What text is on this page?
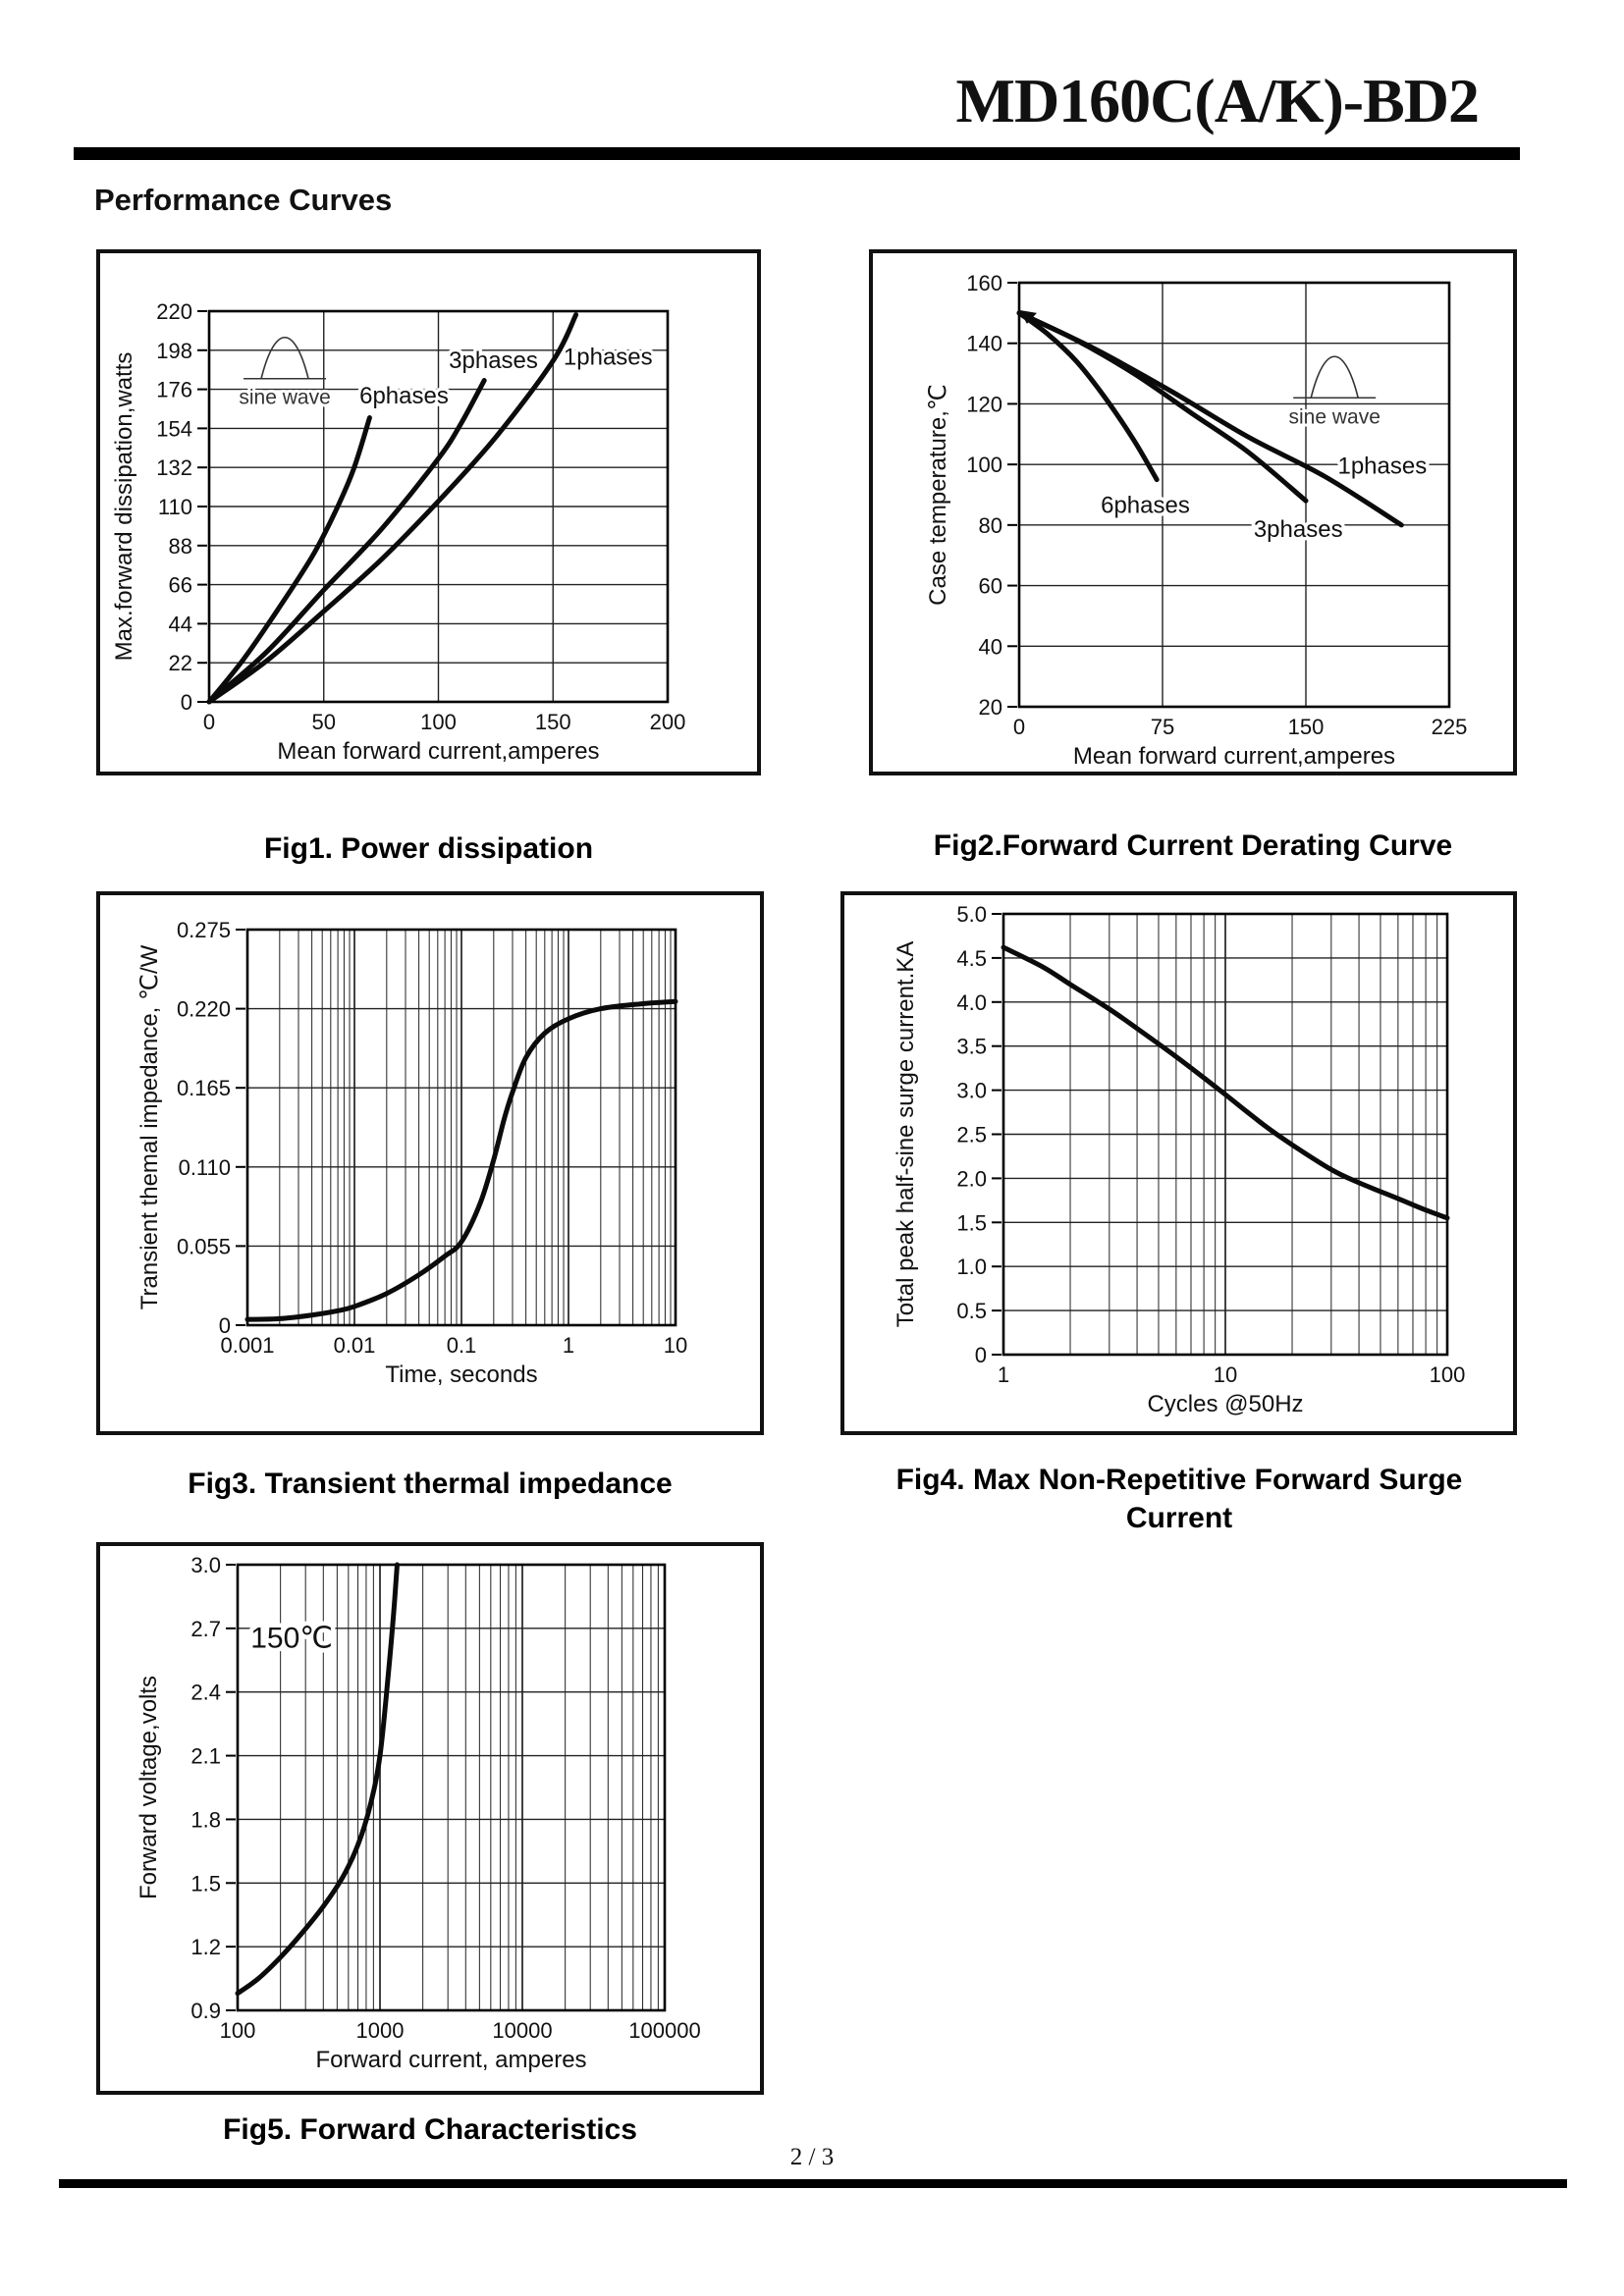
MD160C(A/K)-BD2
Performance Curves
0
22
44
66
88
110
132
154
176
198
220
0	50	100	150	200
Mean forward current,amperes
Max.forward dissipation,watts	1phases
3phases
6phases
sine wave
20
40
60
80
100
120
140
160
0	75	150	225
Mean forward current,amperes
Case temperature,℃	1phases
3phases
6phases
sine wave
Fig1. Power dissipation	Fig2.Forward Current Derating Curve
0
0.055
0.110
0.165
0.220
0.275
0.001	0.01	0.1	1	10
Time, seconds
Transient themal impedance, ℃/W
0
0.5
1.0
1.5
2.0
2.5
3.0
3.5
4.0
4.5
5.0
1	10	100
Cycles @50Hz
Total peak half-sine surge current.KA
Fig3. Transient thermal impedance	Fig4. Max Non-Repetitive Forward Surge Current
0.9
1.2
1.5
1.8
2.1
2.4
2.7
3.0
100	1000	10000	100000
Forward current, amperes
Forward voltage,volts
150℃
Fig5. Forward Characteristics
2 / 3
